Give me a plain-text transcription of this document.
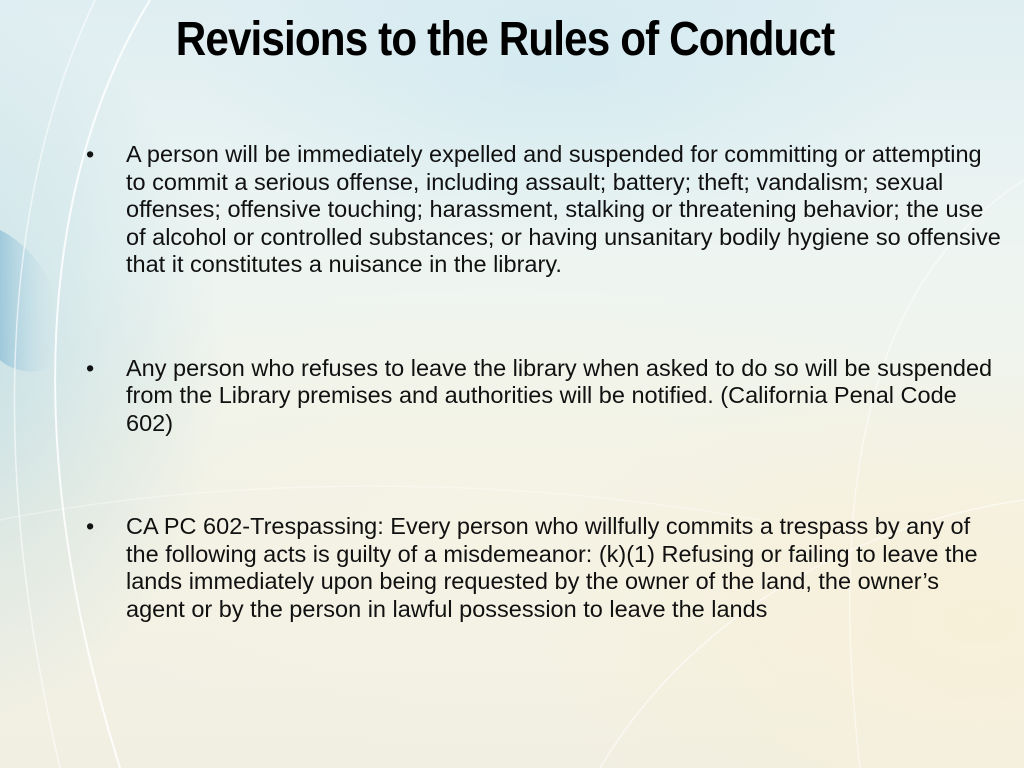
Revisions to the Rules of Conduct
•	A person will be immediately expelled and suspended for committing or attempting to commit a serious offense, including assault; battery; theft; vandalism; sexual offenses; offensive touching; harassment, stalking or threatening behavior; the use of alcohol or controlled substances; or having unsanitary bodily hygiene so offensive that it constitutes a nuisance in the library.
•	Any person who refuses to leave the library when asked to do so will be suspended from the Library premises and authorities will be notified. (California Penal Code 602)
•	CA PC 602-Trespassing: Every person who willfully commits a trespass by any of the following acts is guilty of a misdemeanor: (k)(1) Refusing or failing to leave the lands immediately upon being requested by the owner of the land, the owner’s agent or by the person in lawful possession to leave the lands
